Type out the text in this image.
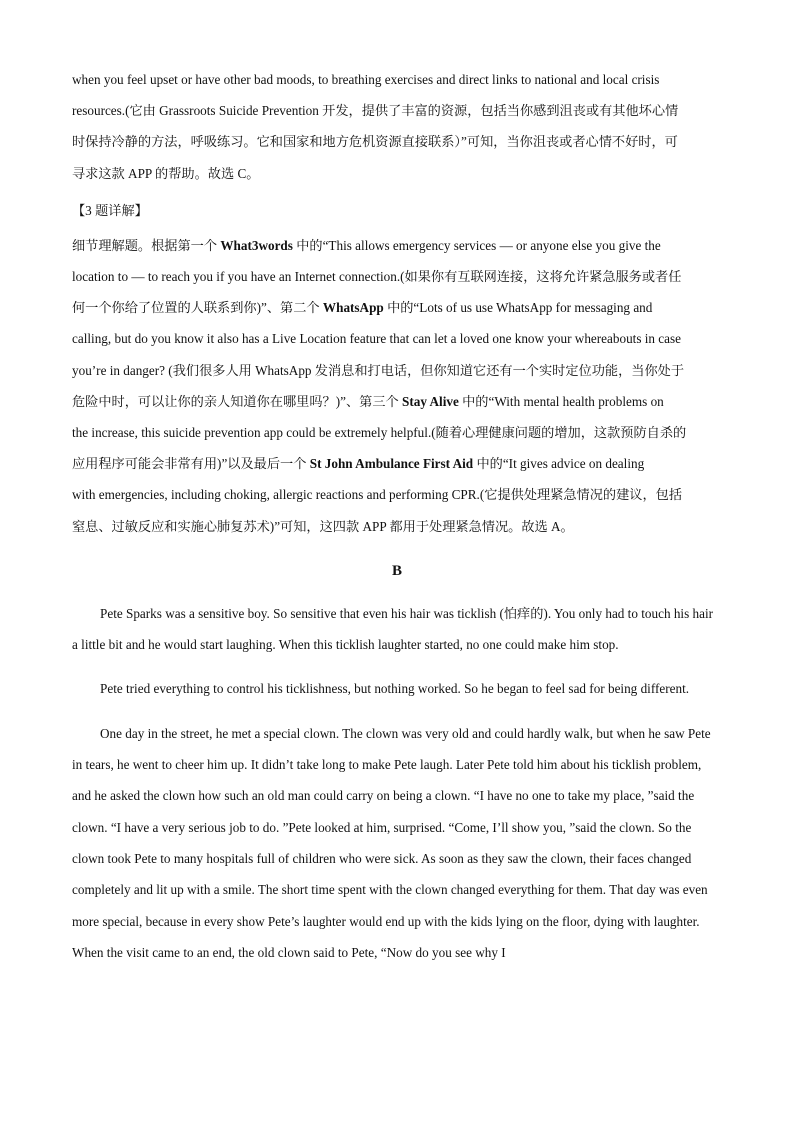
when you feel upset or have other bad moods, to breathing exercises and direct links to national and local crisis
resources.(它由 Grassroots Suicide Prevention 开发，提供了丰富的资源，包括当你感到沮丧或有其他坏心情
时保持冷静的方法，呼吸练习。它和国家和地方危机资源直接联系）”可知，当你沮丧或者心情不好时，可
寻求这款 APP 的帮助。故选 C。
【3 题详解】
细节理解题。根据第一个 What3words 中的“This allows emergency services — or anyone else you give the
location to — to reach you if you have an Internet connection.(如果你有互联网连接，这将允许紧急服务或者任
何一个你给了位置的人联系到你)”、第二个 WhatsApp 中的“Lots of us use WhatsApp for messaging and
calling, but do you know it also has a Live Location feature that can let a loved one know your whereabouts in case
you’re in danger? (我们很多人用 WhatsApp 发消息和打电话，但你知道它还有一个实时定位功能，当你处于
危险中时，可以让你的亲人知道你在哪里吗？)”、第三个 Stay Alive 中的“With mental health problems on
the increase, this suicide prevention app could be extremely helpful.(随着心理健康问题的增加，这款预防自杀的
应用程序可能会非常有用)”以及最后一个 St John Ambulance First Aid 中的“It gives advice on dealing
with emergencies, including choking, allergic reactions and performing CPR.(它提供处理紧急情况的建议，包括
窒息、过敏反应和实施心肺复苏术)”可知，这四款 APP 都用于处理紧急情况。故选 A。
B

Pete Sparks was a sensitive boy. So sensitive that even his hair was ticklish (怕痒的). You only had to touch his hair a little bit and he would start laughing. When this ticklish laughter started, no one could make him stop.

Pete tried everything to control his ticklishness, but nothing worked. So he began to feel sad for being different.

One day in the street, he met a special clown. The clown was very old and could hardly walk, but when he saw Pete in tears, he went to cheer him up. It didn’t take long to make Pete laugh. Later Pete told him about his ticklish problem, and he asked the clown how such an old man could carry on being a clown. “I have no one to take my place, ”said the clown. “I have a very serious job to do. ”Pete looked at him, surprised. “Come, I’ll show you, ”said the clown. So the clown took Pete to many hospitals full of children who were sick. As soon as they saw the clown, their faces changed completely and lit up with a smile. The short time spent with the clown changed everything for them. That day was even more special, because in every show Pete’s laughter would end up with the kids lying on the floor, dying with laughter. When the visit came to an end, the old clown said to Pete, “Now do you see why I
